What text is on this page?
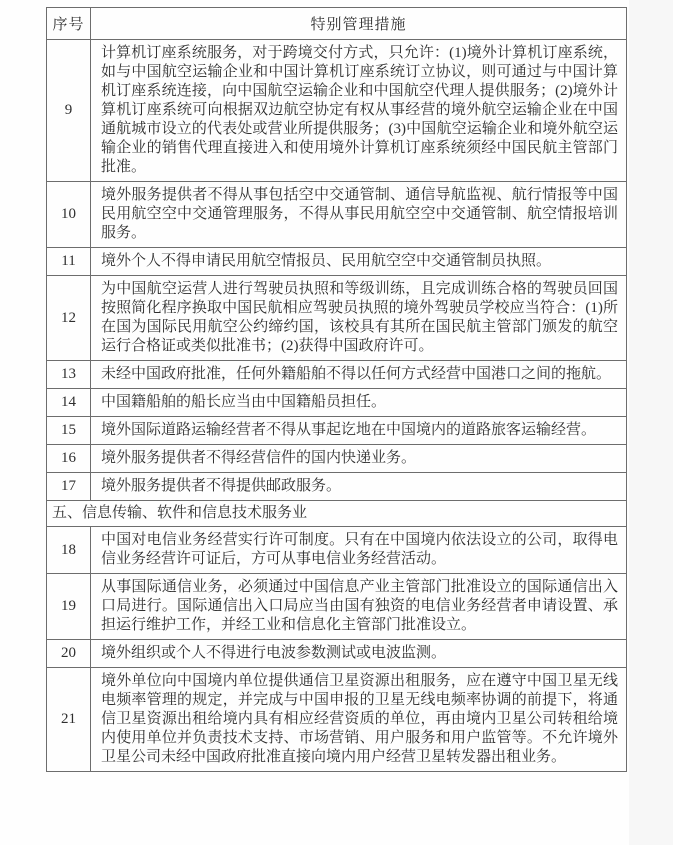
序号	特别管理措施
9	计算机订座系统服务，对于跨境交付方式，只允许：(1)境外计算机订座系统，如与中国航空运输企业和中国计算机订座系统订立协议，则可通过与中国计算机订座系统连接，向中国航空运输企业和中国航空代理人提供服务；(2)境外计算机订座系统可向根据双边航空协定有权从事经营的境外航空运输企业在中国通航城市设立的代表处或营业所提供服务；(3)中国航空运输企业和境外航空运输企业的销售代理直接进入和使用境外计算机订座系统须经中国民航主管部门批准。
10	境外服务提供者不得从事包括空中交通管制、通信导航监视、航行情报等中国民用航空空中交通管理服务，不得从事民用航空空中交通管制、航空情报培训服务。
11	境外个人不得申请民用航空情报员、民用航空空中交通管制员执照。
12	为中国航空运营人进行驾驶员执照和等级训练，且完成训练合格的驾驶员回国按照简化程序换取中国民航相应驾驶员执照的境外驾驶员学校应当符合：(1)所在国为国际民用航空公约缔约国，该校具有其所在国民航主管部门颁发的航空运行合格证或类似批准书；(2)获得中国政府许可。
13	未经中国政府批准，任何外籍船舶不得以任何方式经营中国港口之间的拖航。
14	中国籍船舶的船长应当由中国籍船员担任。
15	境外国际道路运输经营者不得从事起讫地在中国境内的道路旅客运输经营。
16	境外服务提供者不得经营信件的国内快递业务。
17	境外服务提供者不得提供邮政服务。
五、信息传输、软件和信息技术服务业	
18	中国对电信业务经营实行许可制度。只有在中国境内依法设立的公司，取得电信业务经营许可证后，方可从事电信业务经营活动。
19	从事国际通信业务，必须通过中国信息产业主管部门批准设立的国际通信出入口局进行。国际通信出入口局应当由国有独资的电信业务经营者申请设置、承担运行维护工作，并经工业和信息化主管部门批准设立。
20	境外组织或个人不得进行电波参数测试或电波监测。
21	境外单位向中国境内单位提供通信卫星资源出租服务，应在遵守中国卫星无线电频率管理的规定，并完成与中国申报的卫星无线电频率协调的前提下，将通信卫星资源出租给境内具有相应经营资质的单位，再由境内卫星公司转租给境内使用单位并负责技术支持、市场营销、用户服务和用户监管等。不允许境外卫星公司未经中国政府批准直接向境内用户经营卫星转发器出租业务。
